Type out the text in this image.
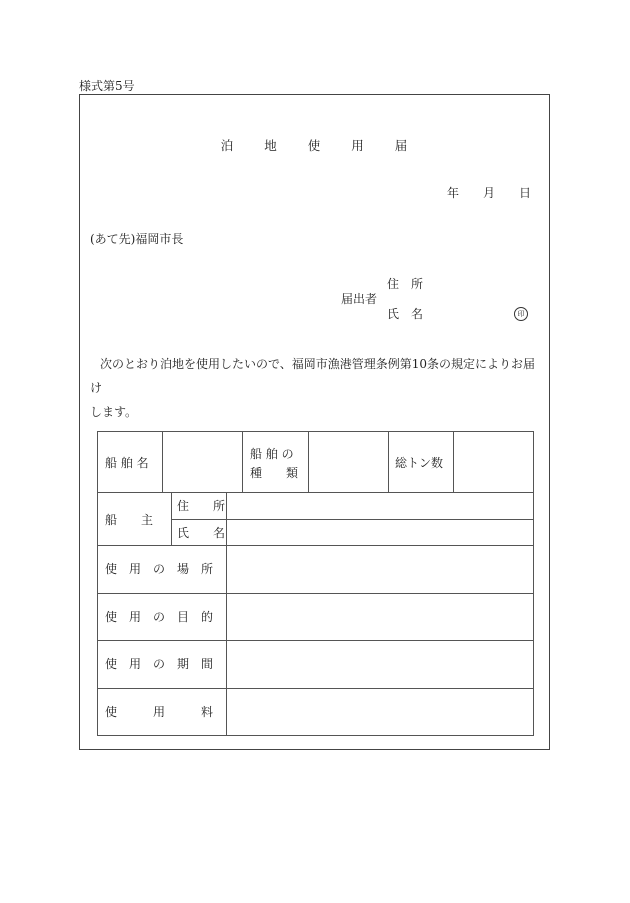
様式第5号
泊　　地　　使　　用　　届
年　　月　　日
(あて先)福岡市長
住　所
届出者
氏　名	印
次のとおり泊地を使用したいので、福岡市漁港管理条例第10条の規定によりお届け
します。
船 舶 名
船 舶 の
種　　類
総トン数
船　　主
住　　所
氏　　名
使　用　の　場　所
使　用　の　目　的
使　用　の　期　間
使　　　用　　　料
